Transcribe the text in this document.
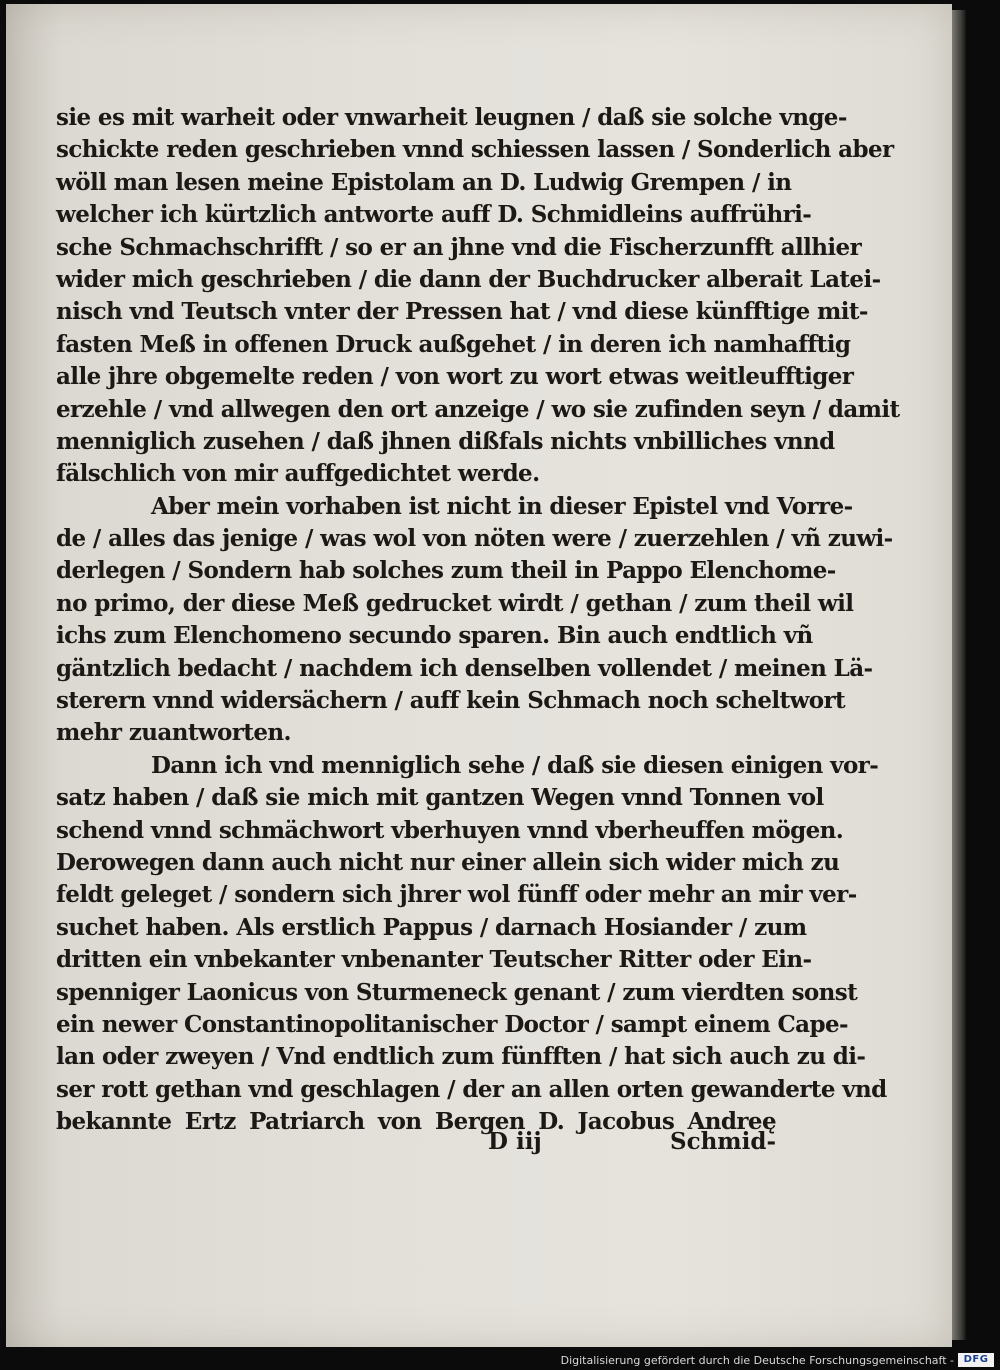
sie es mit warheit oder vnwarheit leugnen / daß sie solche vnge-
schickte reden geschrieben vnnd schiessen lassen / Sonderlich aber
wöll man lesen meine Epistolam an D. Ludwig Grempen / in
welcher ich kürtzlich antworte auff D. Schmidleins auffrühri-
sche Schmachschrifft / so er an jhne vnd die Fischerzunfft allhier
wider mich geschrieben / die dann der Buchdrucker alberait Latei-
nisch vnd Teutsch vnter der Pressen hat / vnd diese künfftige mit-
fasten Meß in offenen Druck außgehet / in deren ich namhafftig
alle jhre obgemelte reden / von wort zu wort etwas weitleufftiger
erzehle / vnd allwegen den ort anzeige / wo sie zufinden seyn / damit
menniglich zusehen / daß jhnen dißfals nichts vnbilliches vnnd
fälschlich von mir auffgedichtet werde.
Aber mein vorhaben ist nicht in dieser Epistel vnd Vorre-
de / alles das jenige / was wol von nöten were / zuerzehlen / vñ zuwi-
derlegen / Sondern hab solches zum theil in Pappo Elenchome-
no primo, der diese Meß gedrucket wirdt / gethan / zum theil wil
ichs zum Elenchomeno secundo sparen. Bin auch endtlich vñ
gäntzlich bedacht / nachdem ich denselben vollendet / meinen Lä-
sterern vnnd widersächern / auff kein Schmach noch scheltwort
mehr zuantworten.
Dann ich vnd menniglich sehe / daß sie diesen einigen vor-
satz haben / daß sie mich mit gantzen Wegen vnnd Tonnen vol
schend vnnd schmächwort vberhuyen vnnd vberheuffen mögen.
Derowegen dann auch nicht nur einer allein sich wider mich zu
feldt geleget / sondern sich jhrer wol fünff oder mehr an mir ver-
suchet haben. Als erstlich Pappus / darnach Hosiander / zum
dritten ein vnbekanter vnbenanter Teutscher Ritter oder Ein-
spenniger Laonicus von Sturmeneck genant / zum vierdten sonst
ein newer Constantinopolitanischer Doctor / sampt einem Cape-
lan oder zweyen / Vnd endtlich zum fünfften / hat sich auch zu di-
ser rott gethan vnd geschlagen / der an allen orten gewanderte vnd
bekannte Ertz Patriarch von Bergen D. Jacobus Andreę
D iij	Schmid-
Digitalisierung gefördert durch die Deutsche Forschungsgemeinschaft - DFG
